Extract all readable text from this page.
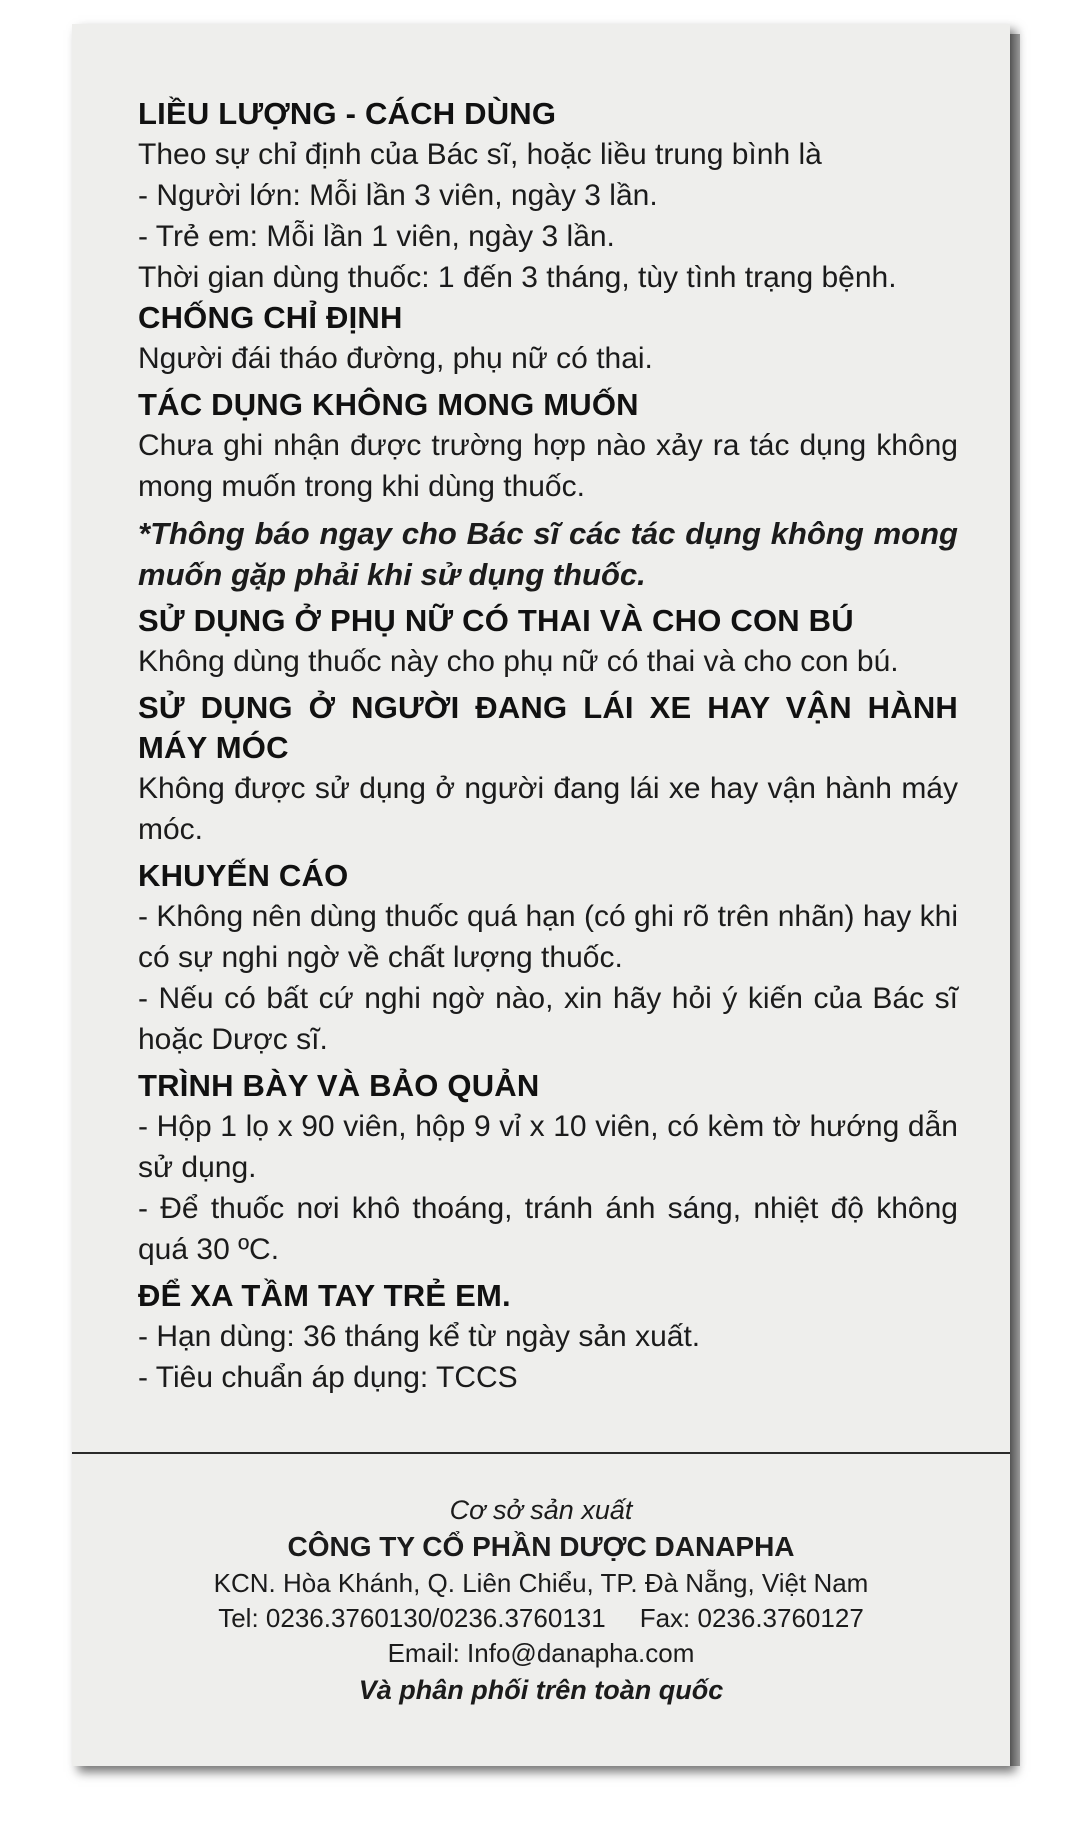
LIỀU LƯỢNG - CÁCH DÙNG

Theo sự chỉ định của Bác sĩ, hoặc liều trung bình là

- Người lớn: Mỗi lần 3 viên, ngày 3 lần.

- Trẻ em: Mỗi lần 1 viên, ngày 3 lần.

Thời gian dùng thuốc: 1 đến 3 tháng, tùy tình trạng bệnh.

CHỐNG CHỈ ĐỊNH

Người đái tháo đường, phụ nữ có thai.

TÁC DỤNG KHÔNG MONG MUỐN

Chưa ghi nhận được trường hợp nào xảy ra tác dụng không mong muốn trong khi dùng thuốc.

*Thông báo ngay cho Bác sĩ các tác dụng không mong muốn gặp phải khi sử dụng thuốc.

SỬ DỤNG Ở PHỤ NỮ CÓ THAI VÀ CHO CON BÚ

Không dùng thuốc này cho phụ nữ có thai và cho con bú.

SỬ DỤNG Ở NGƯỜI ĐANG LÁI XE HAY VẬN HÀNH MÁY MÓC

Không được sử dụng ở người đang lái xe hay vận hành máy móc.

KHUYẾN CÁO

- Không nên dùng thuốc quá hạn (có ghi rõ trên nhãn) hay khi có sự nghi ngờ về chất lượng thuốc.

- Nếu có bất cứ nghi ngờ nào, xin hãy hỏi ý kiến của Bác sĩ hoặc Dược sĩ.

TRÌNH BÀY VÀ BẢO QUẢN

- Hộp 1 lọ x 90 viên, hộp 9 vỉ x 10 viên, có kèm tờ hướng dẫn sử dụng.

- Để thuốc nơi khô thoáng, tránh ánh sáng, nhiệt độ không quá 30 ºC.

ĐỂ XA TẦM TAY TRẺ EM.

- Hạn dùng: 36 tháng kể từ ngày sản xuất.

- Tiêu chuẩn áp dụng: TCCS

Cơ sở sản xuất

CÔNG TY CỔ PHẦN DƯỢC DANAPHA

KCN. Hòa Khánh, Q. Liên Chiểu, TP. Đà Nẵng, Việt Nam

Tel: 0236.3760130/0236.3760131 Fax: 0236.3760127

Email: Info@danapha.com

Và phân phối trên toàn quốc
